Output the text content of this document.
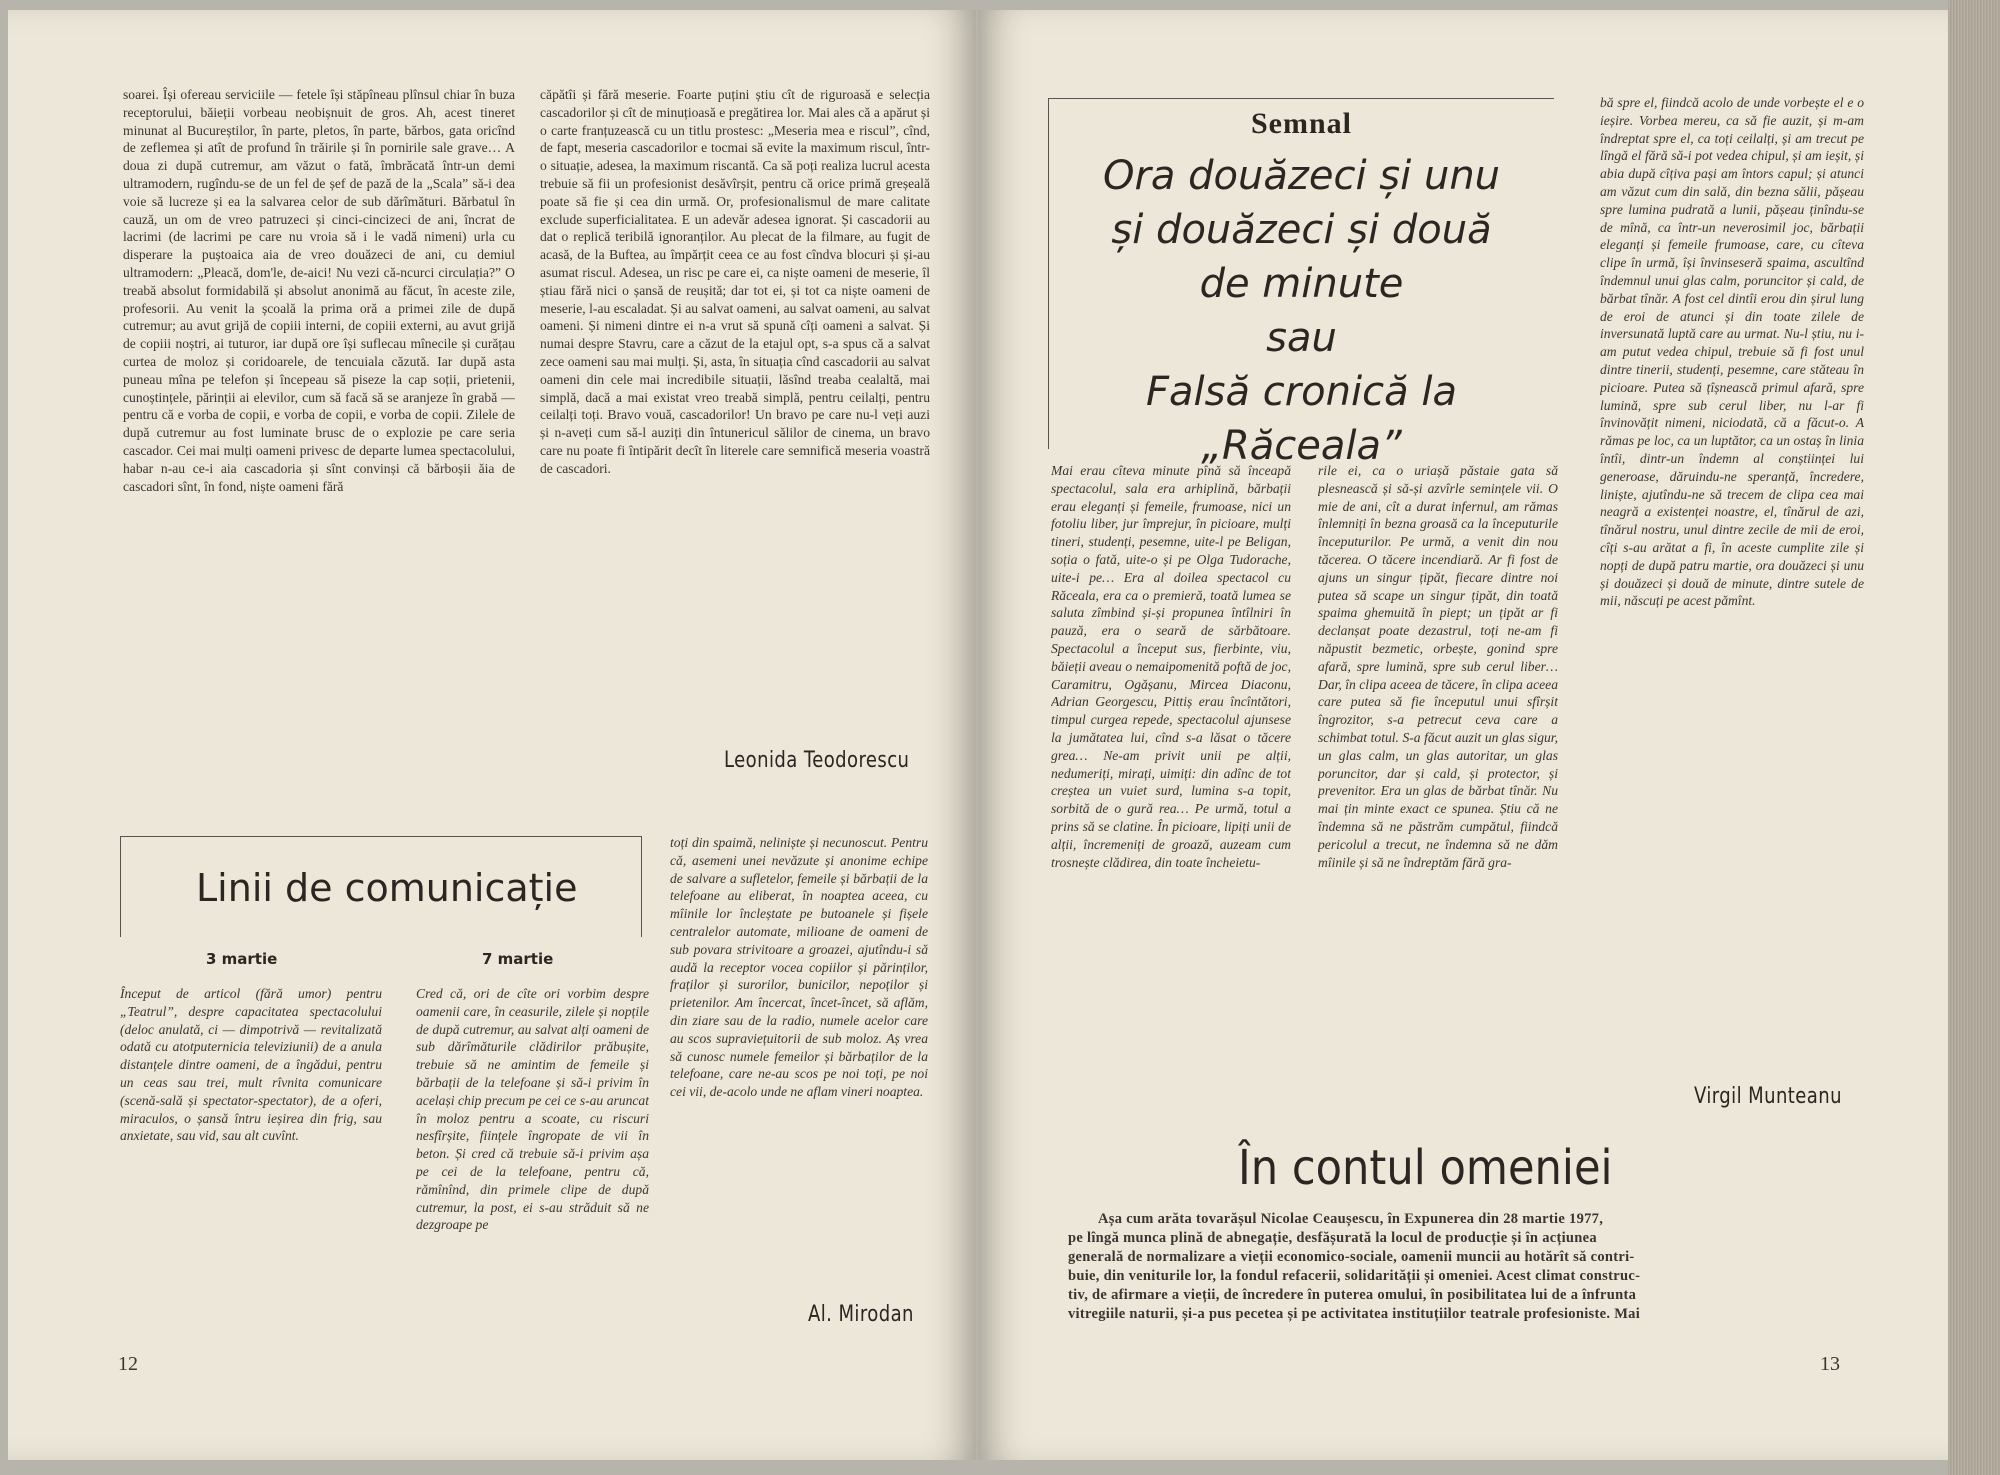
soarei. Își ofereau serviciile — fetele își stăpîneau plînsul chiar în buza receptorului, băieții vorbeau neobișnuit de gros. Ah, acest tineret minunat al Bucureștilor, în parte, pletos, în parte, bărbos, gata oricînd de zeflemea și atît de profund în trăirile și în pornirile sale grave… A doua zi după cutremur, am văzut o fată, îmbrăcată într-un demi ultramodern, rugîndu-se de un fel de șef de pază de la „Scala” să-i dea voie să lucreze și ea la salvarea celor de sub dărîmături. Bărbatul în cauză, un om de vreo patruzeci și cinci-cincizeci de ani, încrat de lacrimi (de lacrimi pe care nu vroia să i le vadă nimeni) urla cu disperare la puștoaica aia de vreo douăzeci de ani, cu demiul ultramodern: „Pleacă, dom'le, de-aici! Nu vezi că-ncurci circulația?” O treabă absolut formidabilă și absolut anonimă au făcut, în aceste zile, profesorii. Au venit la școală la prima oră a primei zile de după cutremur; au avut grijă de copiii interni, de copiii externi, au avut grijă de copiii noștri, ai tuturor, iar după ore își suflecau mînecile și curățau curtea de moloz și coridoarele, de tencuiala căzută. Iar după asta puneau mîna pe telefon și începeau să piseze la cap soții, prietenii, cunoștințele, părinții ai elevilor, cum să facă să se aranjeze în grabă — pentru că e vorba de copii, e vorba de copii, e vorba de copii. Zilele de după cutremur au fost luminate brusc de o explozie pe care seria cascador. Cei mai mulți oameni privesc de departe lumea spectacolului, habar n-au ce-i aia cascadoria și sînt convinși că bărboșii ăia de cascadori sînt, în fond, niște oameni fără

căpătîi și fără meserie. Foarte puțini știu cît de riguroasă e selecția cascadorilor și cît de minuțioasă e pregătirea lor. Mai ales că a apărut și o carte franțuzească cu un titlu prostesc: „Meseria mea e riscul”, cînd, de fapt, meseria cascadorilor e tocmai să evite la maximum riscul, într-o situație, adesea, la maximum riscantă. Ca să poți realiza lucrul acesta trebuie să fii un profesionist desăvîrșit, pentru că orice primă greșeală poate să fie și cea din urmă. Or, profesionalismul de mare calitate exclude superficialitatea. E un adevăr adesea ignorat. Și cascadorii au dat o replică teribilă ignoranților. Au plecat de la filmare, au fugit de acasă, de la Buftea, au împărțit ceea ce au fost cîndva blocuri și și-au asumat riscul. Adesea, un risc pe care ei, ca niște oameni de meserie, îl știau fără nici o șansă de reușită; dar tot ei, și tot ca niște oameni de meserie, l-au escaladat. Și au salvat oameni, au salvat oameni, au salvat oameni. Și nimeni dintre ei n-a vrut să spună cîți oameni a salvat. Și numai despre Stavru, care a căzut de la etajul opt, s-a spus că a salvat zece oameni sau mai mulți. Și, asta, în situația cînd cascadorii au salvat oameni din cele mai incredibile situații, lăsînd treaba cealaltă, mai simplă, dacă a mai existat vreo treabă simplă, pentru ceilalți, pentru ceilalți toți. Bravo vouă, cascadorilor! Un bravo pe care nu-l veți auzi și n-aveți cum să-l auziți din întunericul sălilor de cinema, un bravo care nu poate fi întipărit decît în literele care semnifică meseria voastră de cascadori.

Leonida Teodorescu
Linii de comunicație
3 martie	7 martie

Început de articol (fără umor) pentru „Teatrul”, despre capacitatea spectacolului (deloc anulată, ci — dimpotrivă — revitalizată odată cu atotputernicia televiziunii) de a anula distanțele dintre oameni, de a îngădui, pentru un ceas sau trei, mult rîvnita comunicare (scenă-sală și spectator-spectator), de a oferi, miraculos, o șansă întru ieșirea din frig, sau anxietate, sau vid, sau alt cuvînt.

Cred că, ori de cîte ori vorbim despre oamenii care, în ceasurile, zilele și nopțile de după cutremur, au salvat alți oameni de sub dărîmăturile clădirilor prăbușite, trebuie să ne amintim de femeile și bărbații de la telefoane și să-i privim în același chip precum pe cei ce s-au aruncat în moloz pentru a scoate, cu riscuri nesfîrșite, ființele îngropate de vii în beton. Și cred că trebuie să-i privim așa pe cei de la telefoane, pentru că, rămînînd, din primele clipe de după cutremur, la post, ei s-au străduit să ne dezgroape pe

toți din spaimă, neliniște și necunoscut. Pentru că, asemeni unei nevăzute și anonime echipe de salvare a sufletelor, femeile și bărbații de la telefoane au eliberat, în noaptea aceea, cu mîinile lor încleștate pe butoanele și fișele centralelor automate, milioane de oameni de sub povara strivitoare a groazei, ajutîndu-i să audă la receptor vocea copiilor și părinților, fraților și surorilor, bunicilor, nepoților și prietenilor. Am încercat, încet-încet, să aflăm, din ziare sau de la radio, numele acelor care au scos supraviețuitorii de sub moloz. Aș vrea să cunosc numele femeilor și bărbaților de la telefoane, care ne-au scos pe noi toți, pe noi cei vii, de-acolo unde ne aflam vineri noaptea.

Al. Mirodan
12
Semnal
Ora douăzeci și unu
și douăzeci și două
de minute
sau
Falsă cronică la
„Răceala”

Mai erau cîteva minute pînă să înceapă spectacolul, sala era arhiplină, bărbații erau eleganți și femeile, frumoase, nici un fotoliu liber, jur împrejur, în picioare, mulți tineri, studenți, pesemne, uite-l pe Beligan, soția o fată, uite-o și pe Olga Tudorache, uite-i pe… Era al doilea spectacol cu Răceala, era ca o premieră, toată lumea se saluta zîmbind și-și propunea întîlniri în pauză, era o seară de sărbătoare. Spectacolul a început sus, fierbinte, viu, băieții aveau o nemaipomenită poftă de joc, Caramitru, Ogășanu, Mircea Diaconu, Adrian Georgescu, Pittiș erau încîntători, timpul curgea repede, spectacolul ajunsese la jumătatea lui, cînd s-a lăsat o tăcere grea… Ne-am privit unii pe alții, nedumeriți, mirați, uimiți: din adînc de tot creștea un vuiet surd, lumina s-a topit, sorbită de o gură rea… Pe urmă, totul a prins să se clatine. În picioare, lipiți unii de alții, încremeniți de groază, auzeam cum trosnește clădirea, din toate încheietu-

rile ei, ca o uriașă păstaie gata să plesnească și să-și azvîrle semințele vii. O mie de ani, cît a durat infernul, am rămas înlemniți în bezna groasă ca la începuturile începuturilor. Pe urmă, a venit din nou tăcerea. O tăcere incendiară. Ar fi fost de ajuns un singur țipăt, fiecare dintre noi putea să scape un singur țipăt, din toată spaima ghemuită în piept; un țipăt ar fi declanșat poate dezastrul, toți ne-am fi năpustit bezmetic, orbește, gonind spre afară, spre lumină, spre sub cerul liber… Dar, în clipa aceea de tăcere, în clipa aceea care putea să fie începutul unui sfîrșit îngrozitor, s-a petrecut ceva care a schimbat totul. S-a făcut auzit un glas sigur, un glas calm, un glas autoritar, un glas poruncitor, dar și cald, și protector, și prevenitor. Era un glas de bărbat tînăr. Nu mai țin minte exact ce spunea. Știu că ne îndemna să ne păstrăm cumpătul, fiindcă pericolul a trecut, ne îndemna să ne dăm mîinile și să ne îndreptăm fără gra-

bă spre el, fiindcă acolo de unde vorbește el e o ieșire. Vorbea mereu, ca să fie auzit, și m-am îndreptat spre el, ca toți ceilalți, și am trecut pe lîngă el fără să-i pot vedea chipul, și am ieșit, și abia după cîțiva pași am întors capul; și atunci am văzut cum din sală, din bezna sălii, pășeau spre lumina pudrată a lunii, pășeau ținîndu-se de mînă, ca într-un neverosimil joc, bărbații eleganți și femeile frumoase, care, cu cîteva clipe în urmă, își învinseseră spaima, ascultînd îndemnul unui glas calm, poruncitor și cald, de bărbat tînăr. A fost cel dintîi erou din șirul lung de eroi de atunci și din toate zilele de inversunată luptă care au urmat. Nu-l știu, nu i-am putut vedea chipul, trebuie să fi fost unul dintre tinerii, studenți, pesemne, care stăteau în picioare. Putea să țîșnească primul afară, spre lumină, spre sub cerul liber, nu l-ar fi învinovățit nimeni, niciodată, că a făcut-o. A rămas pe loc, ca un luptător, ca un ostaș în linia întîi, dintr-un îndemn al conștiinței lui generoase, dăruindu-ne speranță, încredere, liniște, ajutîndu-ne să trecem de clipa cea mai neagră a existenței noastre, el, tînărul de azi, tînărul nostru, unul dintre zecile de mii de eroi, cîți s-au arătat a fi, în aceste cumplite zile și nopți de după patru martie, ora douăzeci și unu și douăzeci și două de minute, dintre sutele de mii, născuți pe acest pămînt.

Virgil Munteanu
În contul omeniei
Așa cum arăta tovarășul Nicolae Ceaușescu, în Expunerea din 28 martie 1977,
pe lîngă munca plină de abnegație, desfășurată la locul de producție și în acțiunea
generală de normalizare a vieții economico-sociale, oamenii muncii au hotărît să contri-
buie, din veniturile lor, la fondul refacerii, solidarității și omeniei. Acest climat construc-
tiv, de afirmare a vieții, de încredere în puterea omului, în posibilitatea lui de a înfrunta
vitregiile naturii, și-a pus pecetea și pe activitatea instituțiilor teatrale profesioniste. Mai
13
